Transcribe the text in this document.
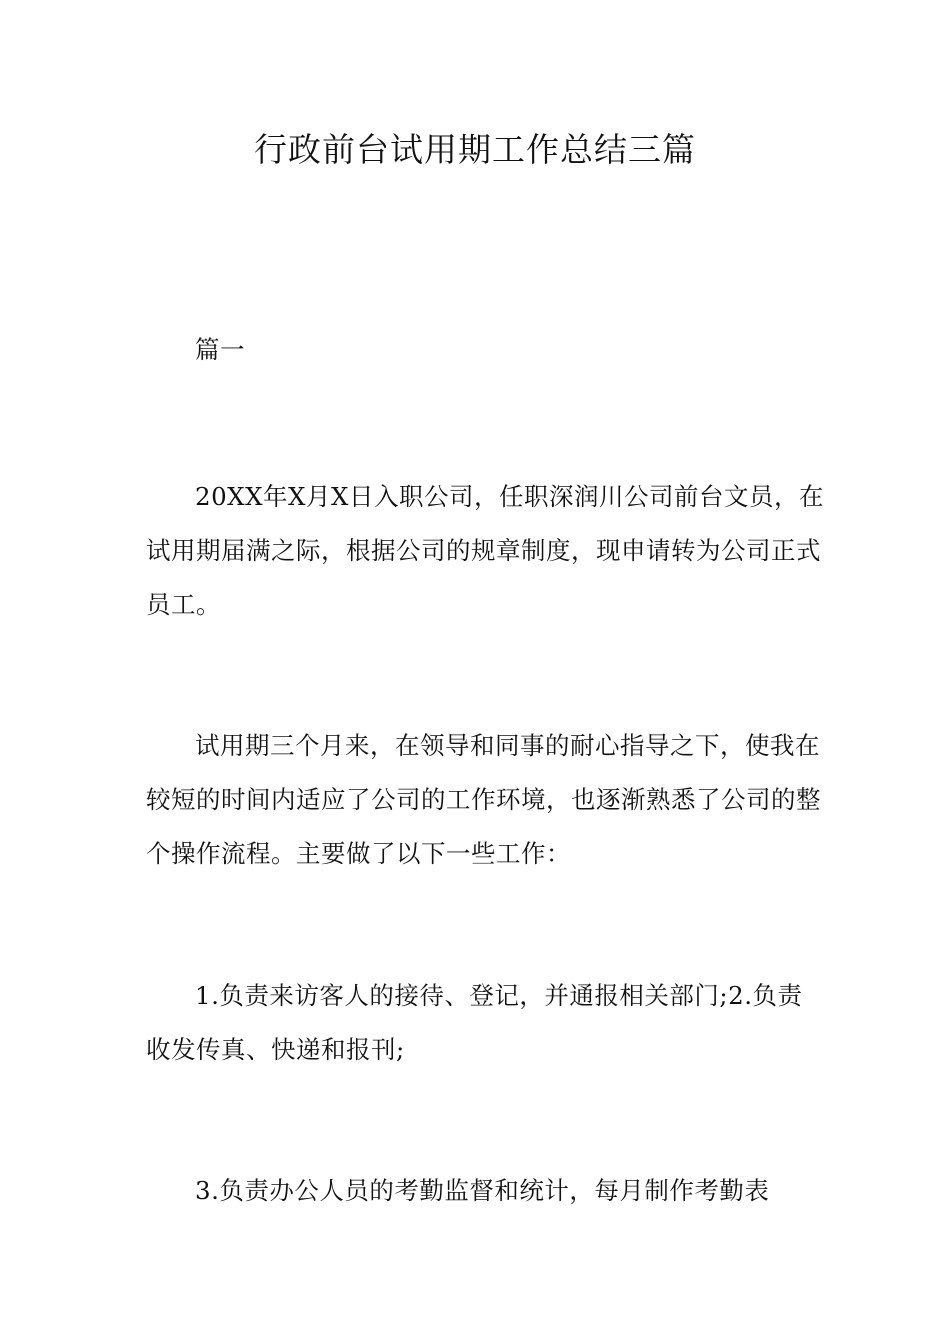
行政前台试用期工作总结三篇

篇一

20XX年X月X日入职公司，任职深润川公司前台文员，在试用期届满之际，根据公司的规章制度，现申请转为公司正式员工。

试用期三个月来，在领导和同事的耐心指导之下，使我在较短的时间内适应了公司的工作环境，也逐渐熟悉了公司的整个操作流程。主要做了以下一些工作：

1.负责来访客人的接待、登记，并通报相关部门;2.负责收发传真、快递和报刊;

3.负责办公人员的考勤监督和统计，每月制作考勤表
